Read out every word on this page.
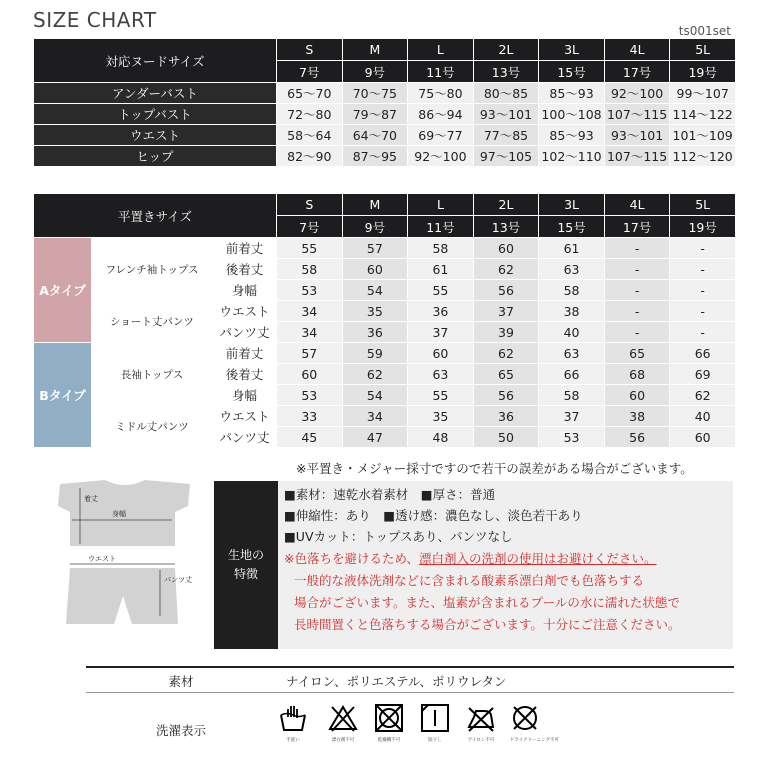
SIZE CHART	ts001set
対応ヌードサイズ	S	M	L	2L	3L	4L	5L
	7号	9号	11号	13号	15号	17号	19号
アンダーバスト	65～70	70～75	75～80	80～85	85～93	92～100	99～107
トップバスト	72～80	79～87	86～94	93～101	100～108	107～115	114～122
ウエスト	58～64	64～70	69～77	77～85	85～93	93～101	101～109
ヒップ	82～90	87～95	92～100	97～105	102～110	107～115	112～120
平置きサイズ			S	M	L	2L	3L	4L	5L
			7号	9号	11号	13号	15号	17号	19号
Aタイプ	フレンチ袖トップス	前着丈	55	57	58	60	61	-	-
		後着丈	58	60	61	62	63	-	-
		身幅	53	54	55	56	58	-	-
	ショート丈パンツ	ウエスト	34	35	36	37	38	-	-
		パンツ丈	34	36	37	39	40	-	-
Bタイプ	長袖トップス	前着丈	57	59	60	62	63	65	66
		後着丈	60	62	63	65	66	68	69
		身幅	53	54	55	56	58	60	62
	ミドル丈パンツ	ウエスト	33	34	35	36	37	38	40
		パンツ丈	45	47	48	50	53	56	60
※平置き・メジャー採寸ですので若干の誤差がある場合がございます。
着丈
身幅
ウエスト
パンツ丈
生地の
特徴
■素材：速乾水着素材　■厚さ：普通
■伸縮性：あり　■透け感：濃色なし、淡色若干あり
■UVカット：トップスあり、パンツなし
※色落ちを避けるため、漂白剤入の洗剤の使用はお避けください。
一般的な液体洗剤などに含まれる酸素系漂白剤でも色落ちする
場合がございます。また、塩素が含まれるプールの水に濡れた状態で
長時間置くと色落ちする場合がございます。十分にご注意ください。
素材	ナイロン、ポリエステル、ポリウレタン
洗濯表示
手洗い	漂白剤不可	乾燥機不可	陰干し	アイロン不可	ドライクリーニング不可
